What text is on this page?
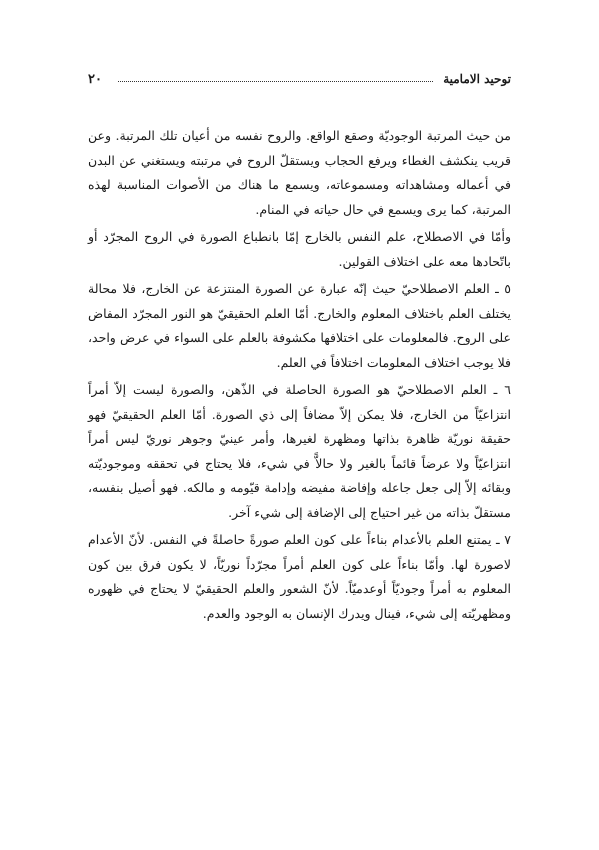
٢٠	توحيد الامامية

من حيث المرتبة الوجوديّة وصقع الواقع. والروح نفسه من أعيان تلك المرتبة. وعن قريب ينكشف الغطاء ويرفع الحجاب ويستقلّ الروح في مرتبته ويستغني عن البدن في أعماله ومشاهداته ومسموعاته، ويسمع ما هناك من الأصوات المناسبة لهذه المرتبة، كما يرى ويسمع في حال حياته في المنام.

وأمّا في الاصطلاح، علم النفس بالخارج إمّا بانطباع الصورة في الروح المجرّد أو باتّحادها معه على اختلاف القولين.

٥ ـ العلم الاصطلاحيّ حيث إنّه عبارة عن الصورة المنتزعة عن الخارج، فلا محالة يختلف العلم باختلاف المعلوم والخارج. أمّا العلم الحقيقيّ هو النور المجرّد المفاض على الروح. فالمعلومات على اختلافها مكشوفة بالعلم على السواء في عرض واحد، فلا يوجب اختلاف المعلومات اختلافاً في العلم.

٦ ـ العلم الاصطلاحيّ هو الصورة الحاصلة في الذّهن، والصورة ليست إلاّ أمراً انتزاعيّاً من الخارج، فلا يمكن إلاّ مضافاً إلى ذي الصورة. أمّا العلم الحقيقيّ فهو حقيقة نوريّة ظاهرة بذاتها ومظهرة لغيرها، وأمر عينيّ وجوهر نوريّ ليس أمراً انتزاعيّاً ولا عرضاً قائماً بالغير ولا حالاًّ في شيء، فلا يحتاج في تحققه وموجوديّته وبقائه إلاّ إلى جعل جاعله وإفاضة مفيضه وإدامة قيّومه و مالكه. فهو أصيل بنفسه، مستقلّ بذاته من غير احتياج إلى الإضافة إلى شيء آخر.

٧ ـ يمتنع العلم بالأعدام بناءاً على كون العلم صورةً حاصلةً في النفس. لأنّ الأعدام لاصورة لها. وأمّا بناءاً على كون العلم أمراً مجرّداً نوريّاً، لا يكون فرق بين كون المعلوم به أمراً وجوديّاً أوعدميّاً. لأنّ الشعور والعلم الحقيقيّ لا يحتاج في ظهوره ومظهريّته إلى شيء، فينال ويدرك الإنسان به الوجود والعدم.
